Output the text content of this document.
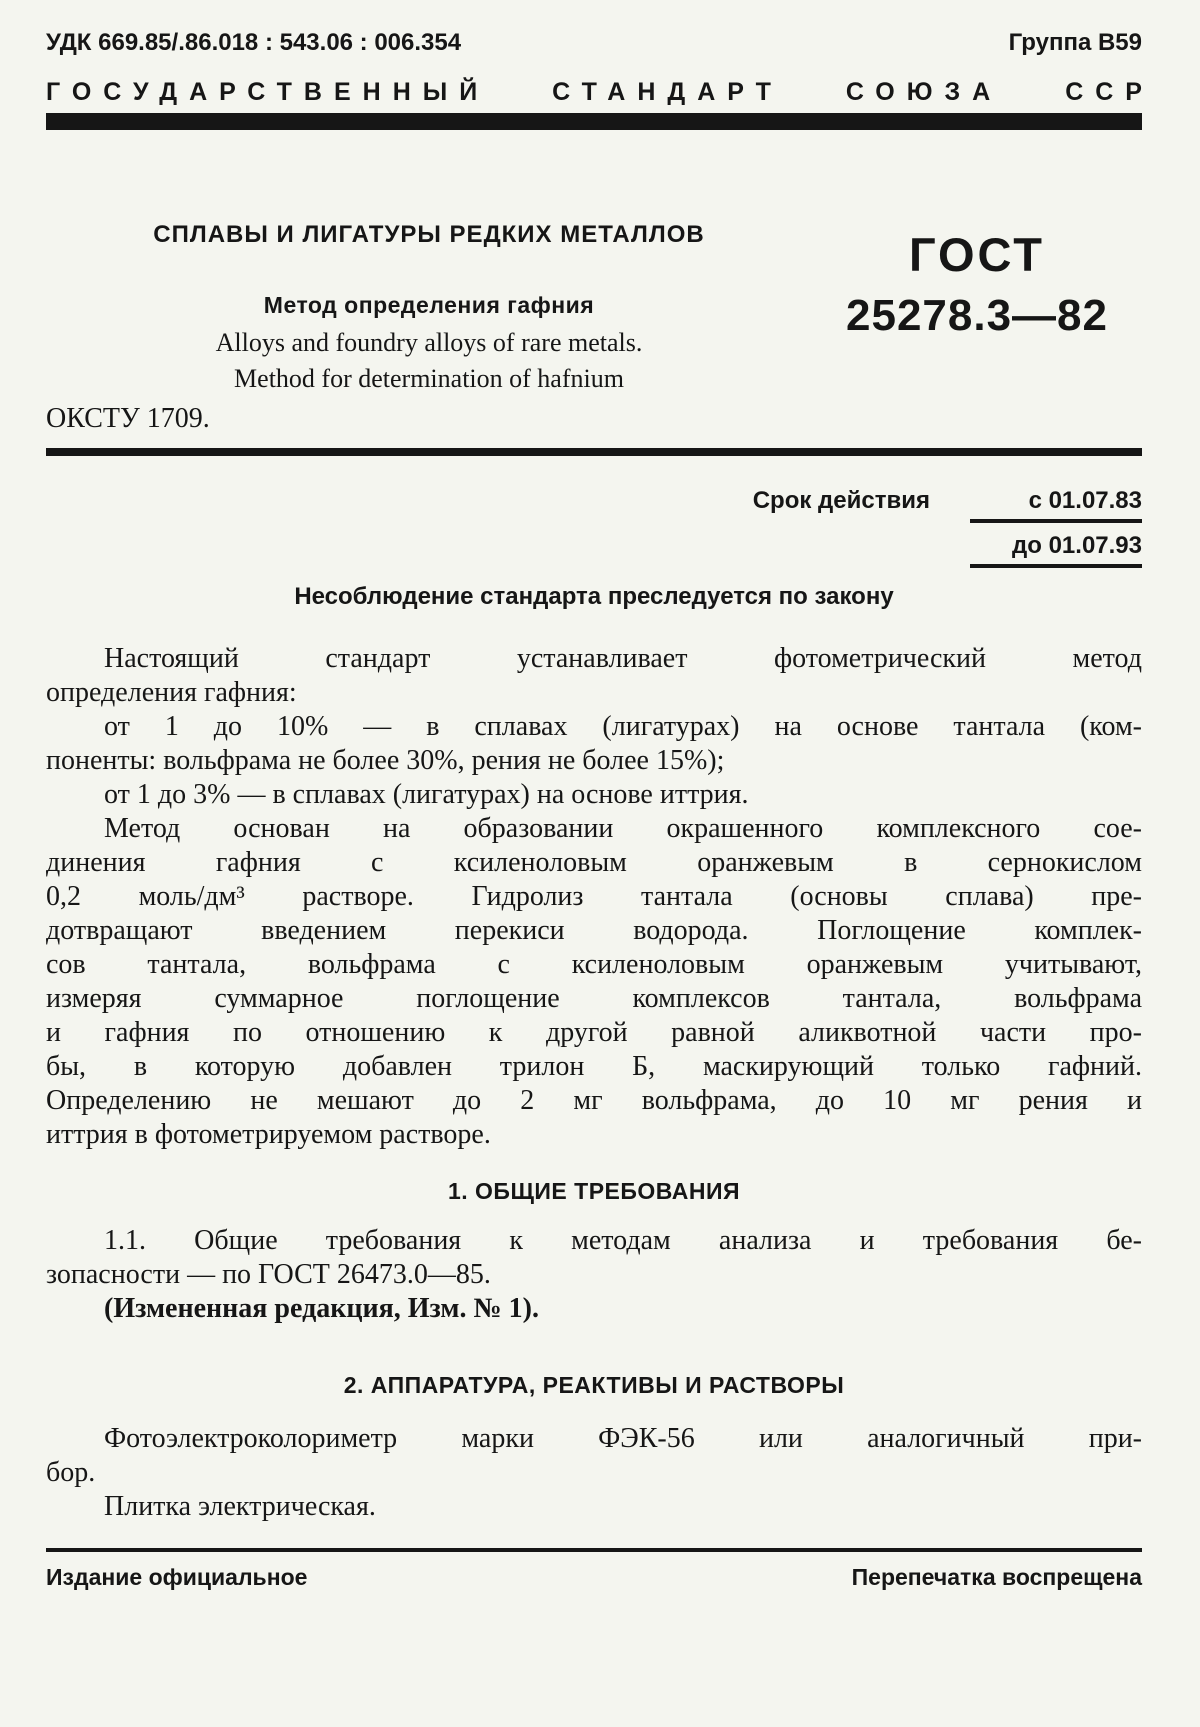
УДК 669.85/.86.018 : 543.06 : 006.354	Группа В59
ГОСУДАРСТВЕННЫЙ	СТАНДАРТ	СОЮЗА	ССР
СПЛАВЫ И ЛИГАТУРЫ РЕДКИХ МЕТАЛЛОВ
Метод определения гафния
Alloys and foundry alloys of rare metals.
Method for determination of hafnium
ГОСТ
25278.3—82
ОКСТУ 1709.
Срок действия	с 01.07.83
до 01.07.93
Несоблюдение стандарта преследуется по закону
Настоящий стандарт устанавливает фотометрический метод
определения гафния:
от 1 до 10% — в сплавах (лигатурах) на основе тантала (ком-
поненты: вольфрама не более 30%, рения не более 15%);
от 1 до 3% — в сплавах (лигатурах) на основе иттрия.
Метод основан на образовании окрашенного комплексного сое-
динения гафния с ксиленоловым оранжевым в сернокислом
0,2 моль/дм³ растворе. Гидролиз тантала (основы сплава) пре-
дотвращают введением перекиси водорода. Поглощение комплек-
сов тантала, вольфрама с ксиленоловым оранжевым учитывают,
измеряя суммарное поглощение комплексов тантала, вольфрама
и гафния по отношению к другой равной аликвотной части про-
бы, в которую добавлен трилон Б, маскирующий только гафний.
Определению не мешают до 2 мг вольфрама, до 10 мг рения и
иттрия в фотометрируемом растворе.
1. ОБЩИЕ ТРЕБОВАНИЯ
1.1. Общие требования к методам анализа и требования бе-
зопасности — по ГОСТ 26473.0—85.
(Измененная редакция, Изм. № 1).
2. АППАРАТУРА, РЕАКТИВЫ И РАСТВОРЫ
Фотоэлектроколориметр марки ФЭК-56 или аналогичный при-
бор.
Плитка электрическая.
Издание официальное	Перепечатка воспрещена
